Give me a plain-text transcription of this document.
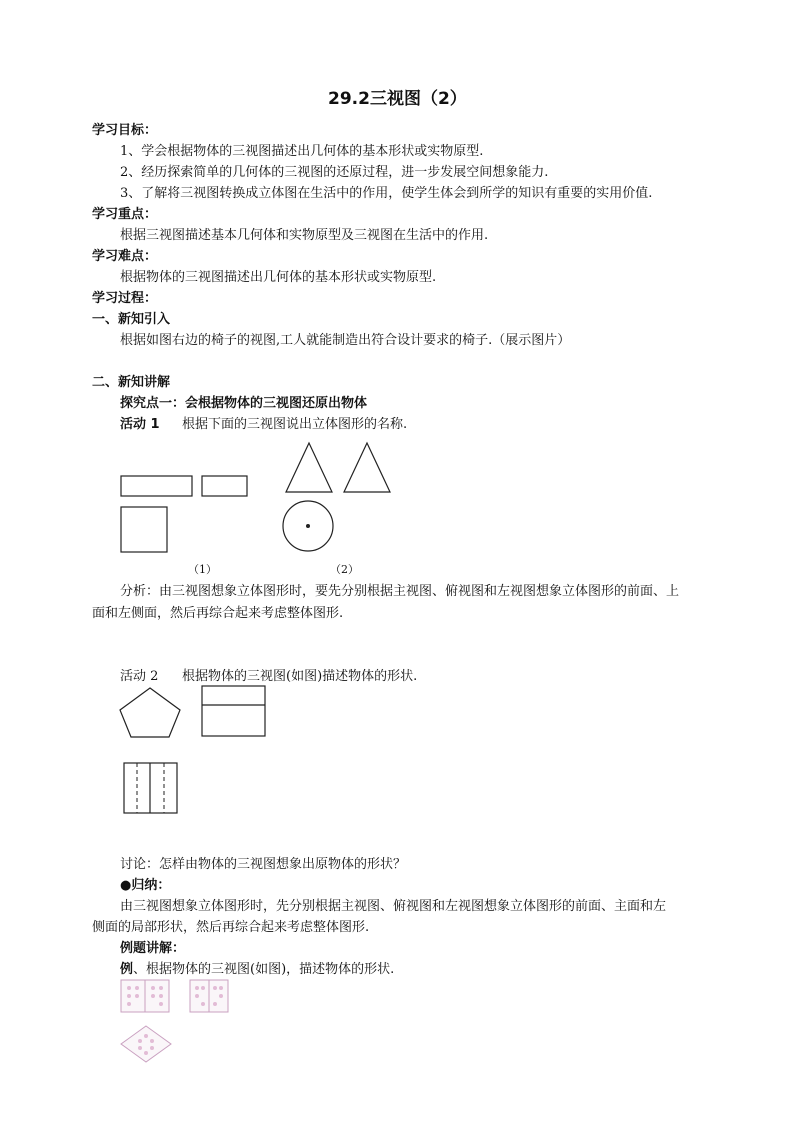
29.2三视图（2）
学习目标：
1、学会根据物体的三视图描述出几何体的基本形状或实物原型.
2、经历探索简单的几何体的三视图的还原过程，进一步发展空间想象能力.
3、了解将三视图转换成立体图在生活中的作用，使学生体会到所学的知识有重要的实用价值.
学习重点：
根据三视图描述基本几何体和实物原型及三视图在生活中的作用.
学习难点：
根据物体的三视图描述出几何体的基本形状或实物原型.
学习过程：
一、新知引入
根据如图右边的椅子的视图,工人就能制造出符合设计要求的椅子.（展示图片）
二、新知讲解
探究点一：会根据物体的三视图还原出物体
活动 1 根据下面的三视图说出立体图形的名称.
（1）	（2）
分析：由三视图想象立体图形时，要先分别根据主视图、俯视图和左视图想象立体图形的前面、上
面和左侧面，然后再综合起来考虑整体图形.
活动 2 根据物体的三视图(如图)描述物体的形状.
讨论：怎样由物体的三视图想象出原物体的形状？
●归纳：
由三视图想象立体图形时，先分别根据主视图、俯视图和左视图想象立体图形的前面、主面和左
侧面的局部形状，然后再综合起来考虑整体图形.
例题讲解：
例、根据物体的三视图(如图)，描述物体的形状.
